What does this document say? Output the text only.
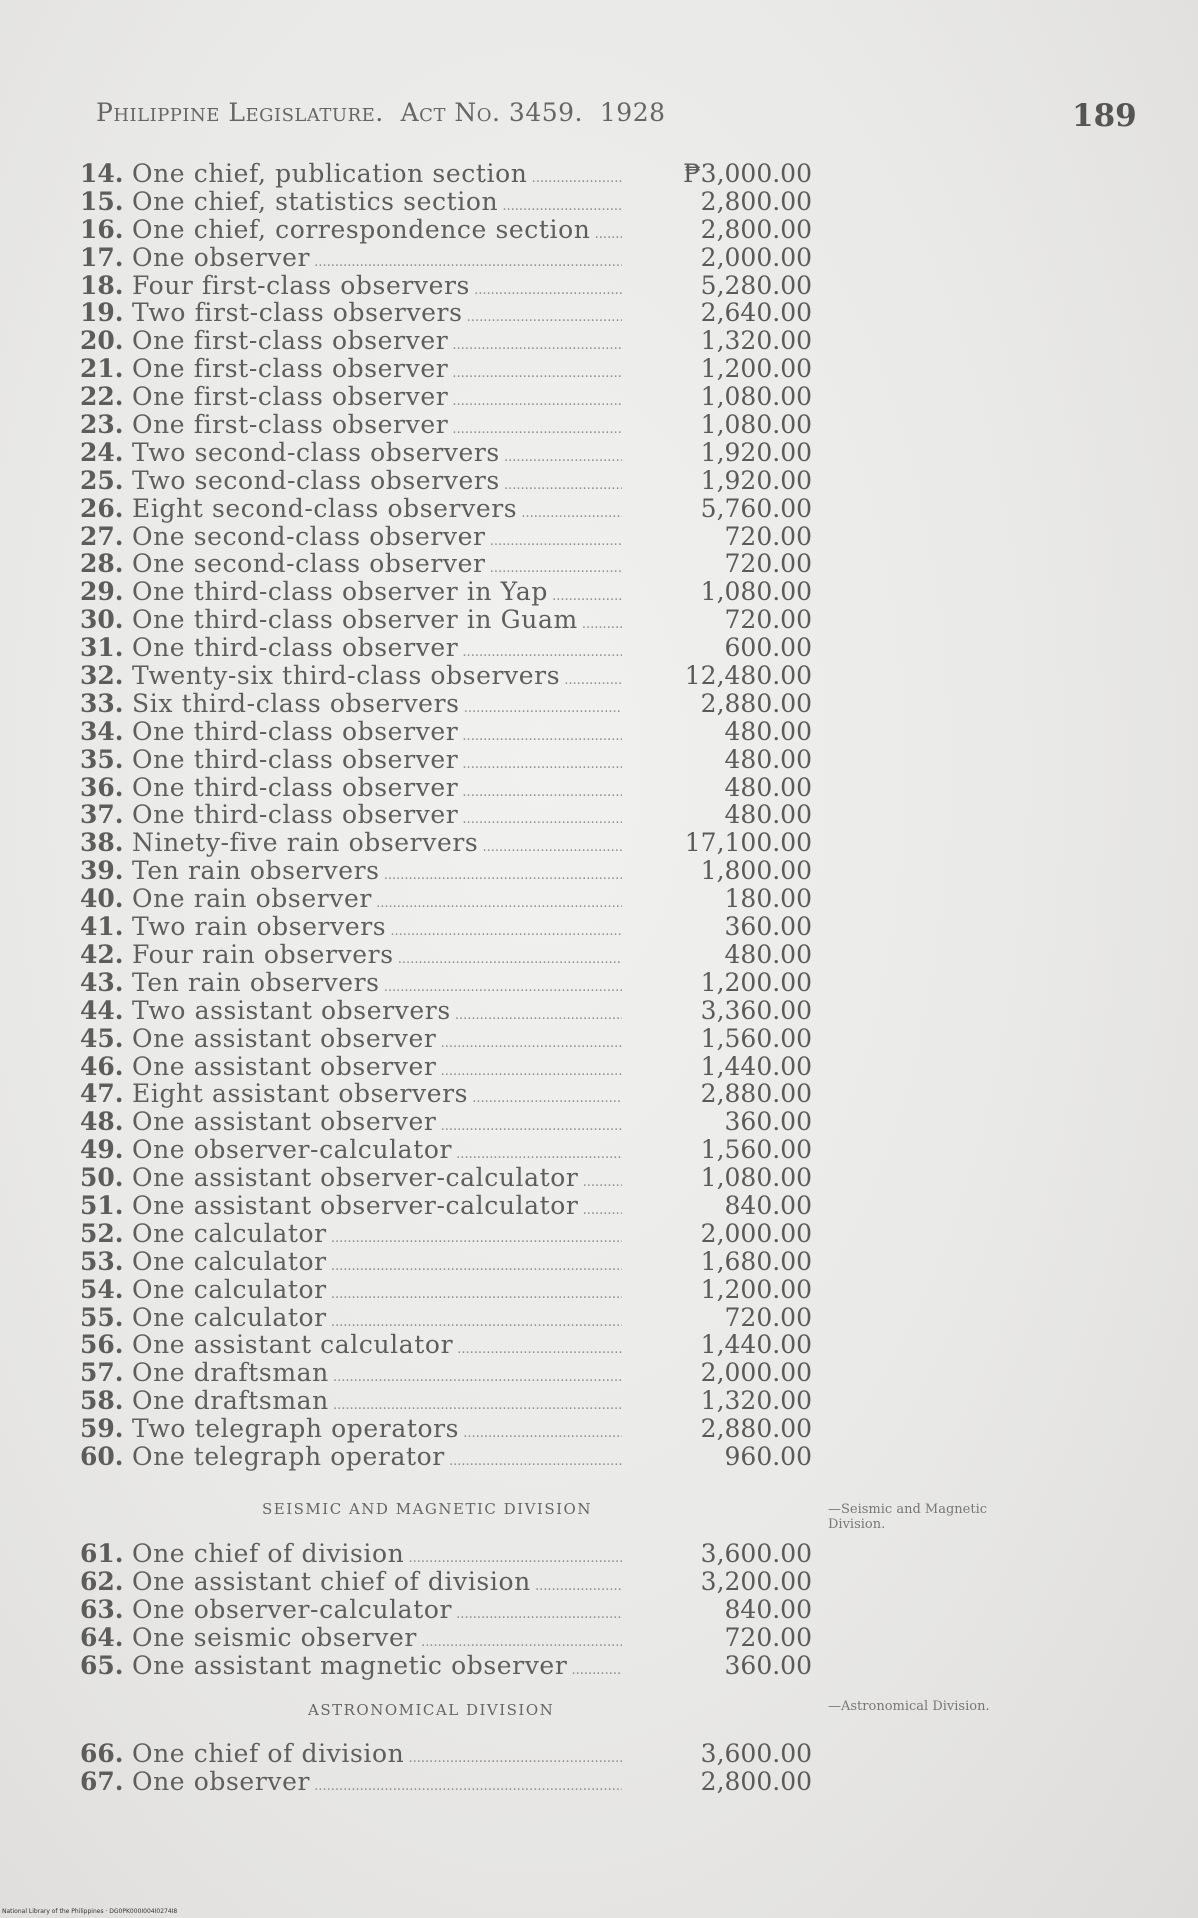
Philippine Legislature. Act No. 3459. 1928	189
14. One chief, publication section .....	₱3,000.00
15. One chief, statistics section .....	2,800.00
16. One chief, correspondence section .....	2,800.00
17. One observer .....	2,000.00
18. Four first-class observers .....	5,280.00
19. Two first-class observers .....	2,640.00
20. One first-class observer .....	1,320.00
21. One first-class observer .....	1,200.00
22. One first-class observer .....	1,080.00
23. One first-class observer .....	1,080.00
24. Two second-class observers .....	1,920.00
25. Two second-class observers .....	1,920.00
26. Eight second-class observers .....	5,760.00
27. One second-class observer .....	720.00
28. One second-class observer .....	720.00
29. One third-class observer in Yap .....	1,080.00
30. One third-class observer in Guam .....	720.00
31. One third-class observer .....	600.00
32. Twenty-six third-class observers .....	12,480.00
33. Six third-class observers .....	2,880.00
34. One third-class observer .....	480.00
35. One third-class observer .....	480.00
36. One third-class observer .....	480.00
37. One third-class observer .....	480.00
38. Ninety-five rain observers .....	17,100.00
39. Ten rain observers .....	1,800.00
40. One rain observer .....	180.00
41. Two rain observers .....	360.00
42. Four rain observers .....	480.00
43. Ten rain observers .....	1,200.00
44. Two assistant observers .....	3,360.00
45. One assistant observer .....	1,560.00
46. One assistant observer .....	1,440.00
47. Eight assistant observers .....	2,880.00
48. One assistant observer .....	360.00
49. One observer-calculator .....	1,560.00
50. One assistant observer-calculator .....	1,080.00
51. One assistant observer-calculator .....	840.00
52. One calculator .....	2,000.00
53. One calculator .....	1,680.00
54. One calculator .....	1,200.00
55. One calculator .....	720.00
56. One assistant calculator .....	1,440.00
57. One draftsman .....	2,000.00
58. One draftsman .....	1,320.00
59. Two telegraph operators .....	2,880.00
60. One telegraph operator .....	960.00
SEISMIC AND MAGNETIC DIVISION	—Seismic and Magnetic Division.
61. One chief of division .....	3,600.00
62. One assistant chief of division .....	3,200.00
63. One observer-calculator .....	840.00
64. One seismic observer .....	720.00
65. One assistant magnetic observer .....	360.00
ASTRONOMICAL DIVISION	—Astronomical Division.
66. One chief of division .....	3,600.00
67. One observer .....	2,800.00
National Library of the Philippines · DG0PK000I004I0274I8
